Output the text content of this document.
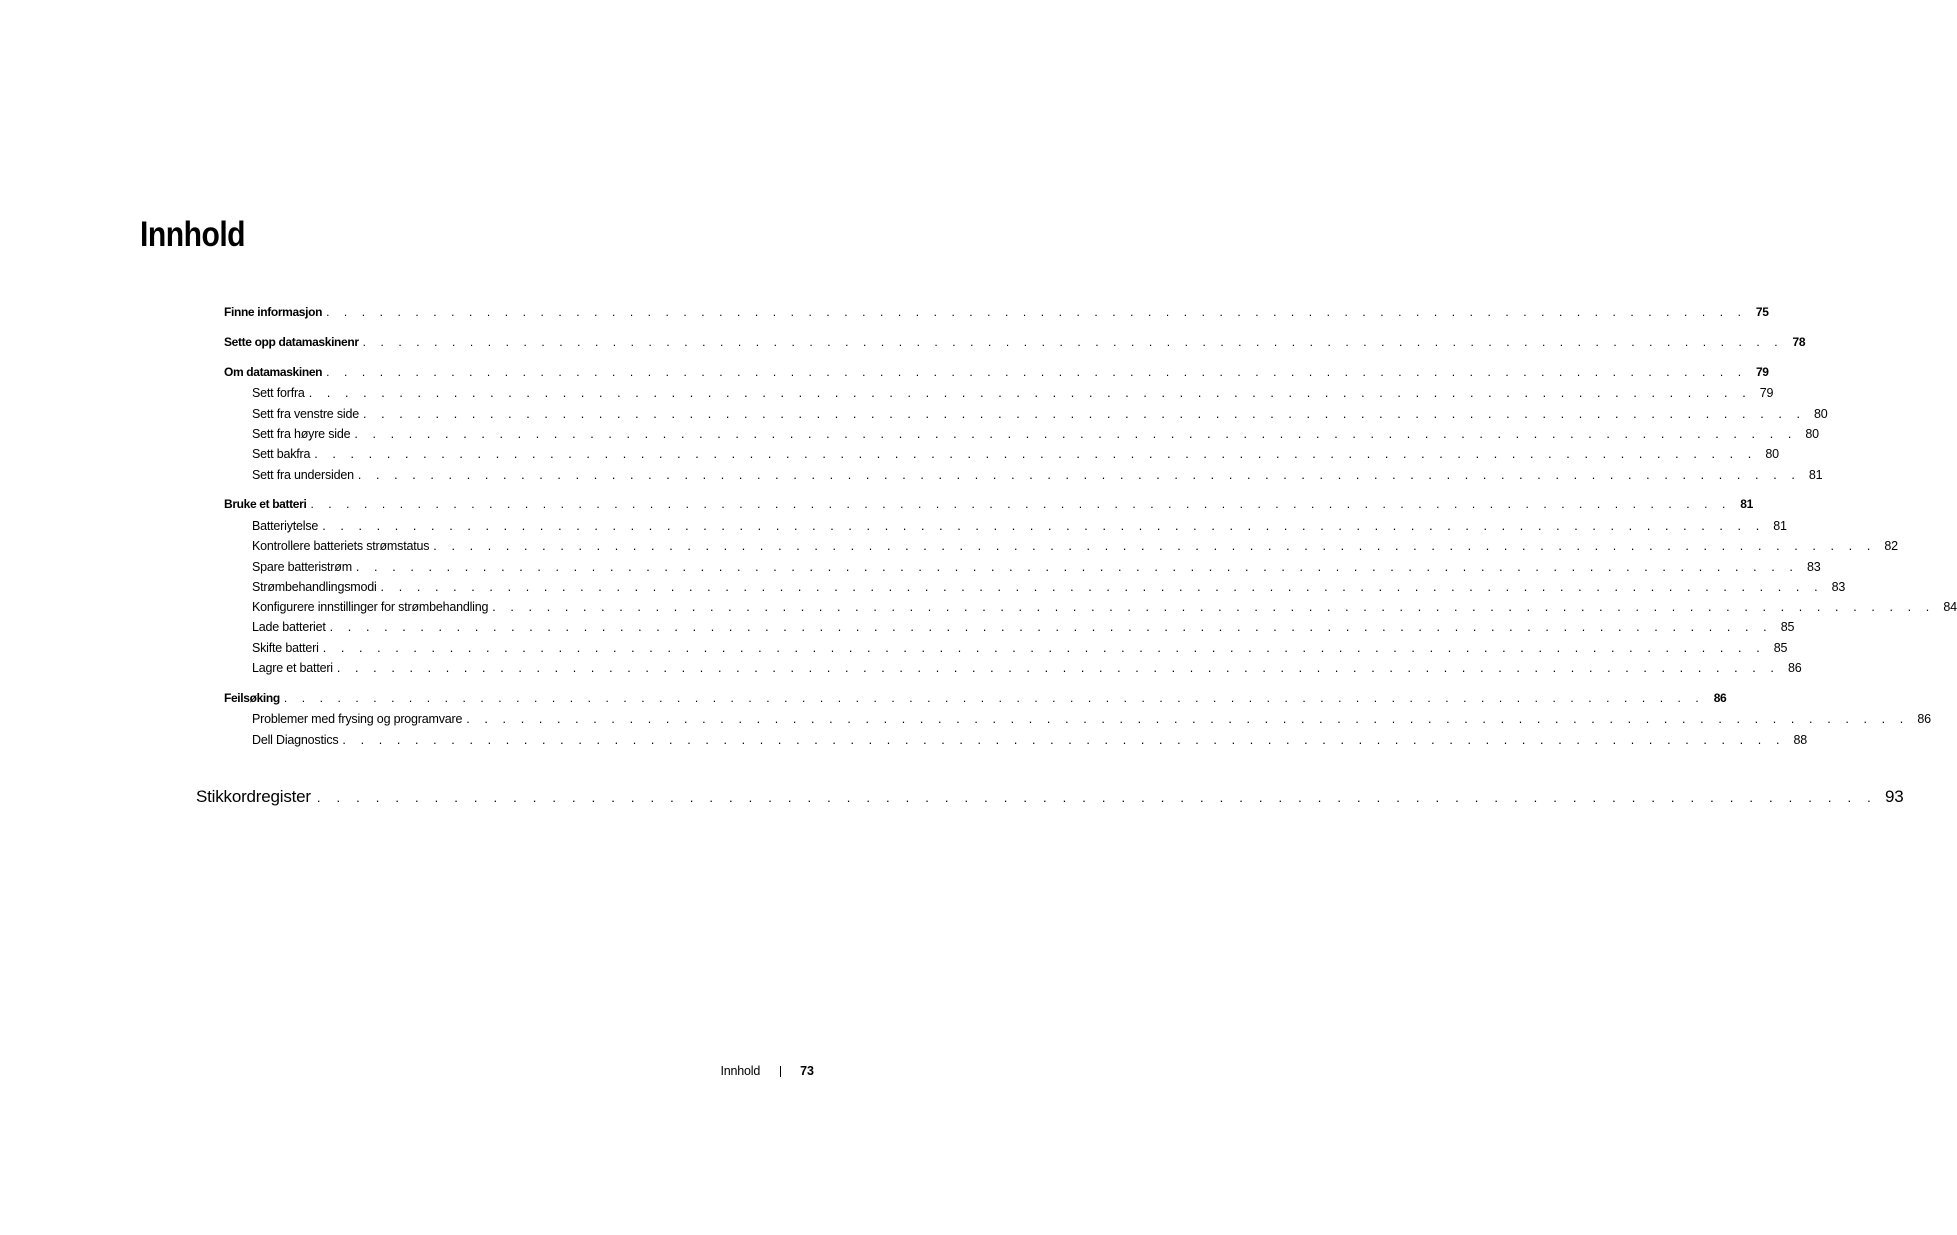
Innhold
Finne informasjon . . . . . . . . . . . . . . . . . . . . . . . . . . . . . . . . . . . . . . . . . . . . . . . . . . . . . . . . . . . . . . . . . . . . . . . . . . . . . . . . 75
Sette opp datamaskinenr . . . . . . . . . . . . . . . . . . . . . . . . . . . . . . . . . . . . . . . . . . . . . . . . . . . . . . . . . . . . . . . . . . . . . . . . . . . . . . . . 78
Om datamaskinen . . . . . . . . . . . . . . . . . . . . . . . . . . . . . . . . . . . . . . . . . . . . . . . . . . . . . . . . . . . . . . . . . . . . . . . . . . . . . . . . 79
Sett forfra . . . . . . . . . . . . . . . . . . . . . . . . . . . . . . . . . . . . . . . . . . . . . . . . . . . . . . . . . . . . . . . . . . . . . . . . . . . . . . . . 79
Sett fra venstre side . . . . . . . . . . . . . . . . . . . . . . . . . . . . . . . . . . . . . . . . . . . . . . . . . . . . . . . . . . . . . . . . . . . . . . . . . . . . . . . . 80
Sett fra høyre side . . . . . . . . . . . . . . . . . . . . . . . . . . . . . . . . . . . . . . . . . . . . . . . . . . . . . . . . . . . . . . . . . . . . . . . . . . . . . . . . 80
Sett bakfra . . . . . . . . . . . . . . . . . . . . . . . . . . . . . . . . . . . . . . . . . . . . . . . . . . . . . . . . . . . . . . . . . . . . . . . . . . . . . . . . 80
Sett fra undersiden . . . . . . . . . . . . . . . . . . . . . . . . . . . . . . . . . . . . . . . . . . . . . . . . . . . . . . . . . . . . . . . . . . . . . . . . . . . . . . . . 81
Bruke et batteri . . . . . . . . . . . . . . . . . . . . . . . . . . . . . . . . . . . . . . . . . . . . . . . . . . . . . . . . . . . . . . . . . . . . . . . . . . . . . . . . 81
Batteriytelse . . . . . . . . . . . . . . . . . . . . . . . . . . . . . . . . . . . . . . . . . . . . . . . . . . . . . . . . . . . . . . . . . . . . . . . . . . . . . . . . 81
Kontrollere batteriets strømstatus . . . . . . . . . . . . . . . . . . . . . . . . . . . . . . . . . . . . . . . . . . . . . . . . . . . . . . . . . . . . . . . . . . . . . . . . . . . . . . . . 82
Spare batteristrøm . . . . . . . . . . . . . . . . . . . . . . . . . . . . . . . . . . . . . . . . . . . . . . . . . . . . . . . . . . . . . . . . . . . . . . . . . . . . . . . . 83
Strømbehandlingsmodi . . . . . . . . . . . . . . . . . . . . . . . . . . . . . . . . . . . . . . . . . . . . . . . . . . . . . . . . . . . . . . . . . . . . . . . . . . . . . . . . 83
Konfigurere innstillinger for strømbehandling . . . . . . . . . . . . . . . . . . . . . . . . . . . . . . . . . . . . . . . . . . . . . . . . . . . . . . . . . . . . . . . . . . . . . . . . . . . . . . . . 84
Lade batteriet . . . . . . . . . . . . . . . . . . . . . . . . . . . . . . . . . . . . . . . . . . . . . . . . . . . . . . . . . . . . . . . . . . . . . . . . . . . . . . . . 85
Skifte batteri . . . . . . . . . . . . . . . . . . . . . . . . . . . . . . . . . . . . . . . . . . . . . . . . . . . . . . . . . . . . . . . . . . . . . . . . . . . . . . . . 85
Lagre et batteri . . . . . . . . . . . . . . . . . . . . . . . . . . . . . . . . . . . . . . . . . . . . . . . . . . . . . . . . . . . . . . . . . . . . . . . . . . . . . . . . 86
Feilsøking . . . . . . . . . . . . . . . . . . . . . . . . . . . . . . . . . . . . . . . . . . . . . . . . . . . . . . . . . . . . . . . . . . . . . . . . . . . . . . . . 86
Problemer med frysing og programvare . . . . . . . . . . . . . . . . . . . . . . . . . . . . . . . . . . . . . . . . . . . . . . . . . . . . . . . . . . . . . . . . . . . . . . . . . . . . . . . . 86
Dell Diagnostics . . . . . . . . . . . . . . . . . . . . . . . . . . . . . . . . . . . . . . . . . . . . . . . . . . . . . . . . . . . . . . . . . . . . . . . . . . . . . . . . 88
Stikkordregister . . . . . . . . . . . . . . . . . . . . . . . . . . . . . . . . . . . . . . . . . . . . . . . . . . . . . . . . . . . . . . . . . . . . . . . . . . . . . . . . 93
Innhold	73
